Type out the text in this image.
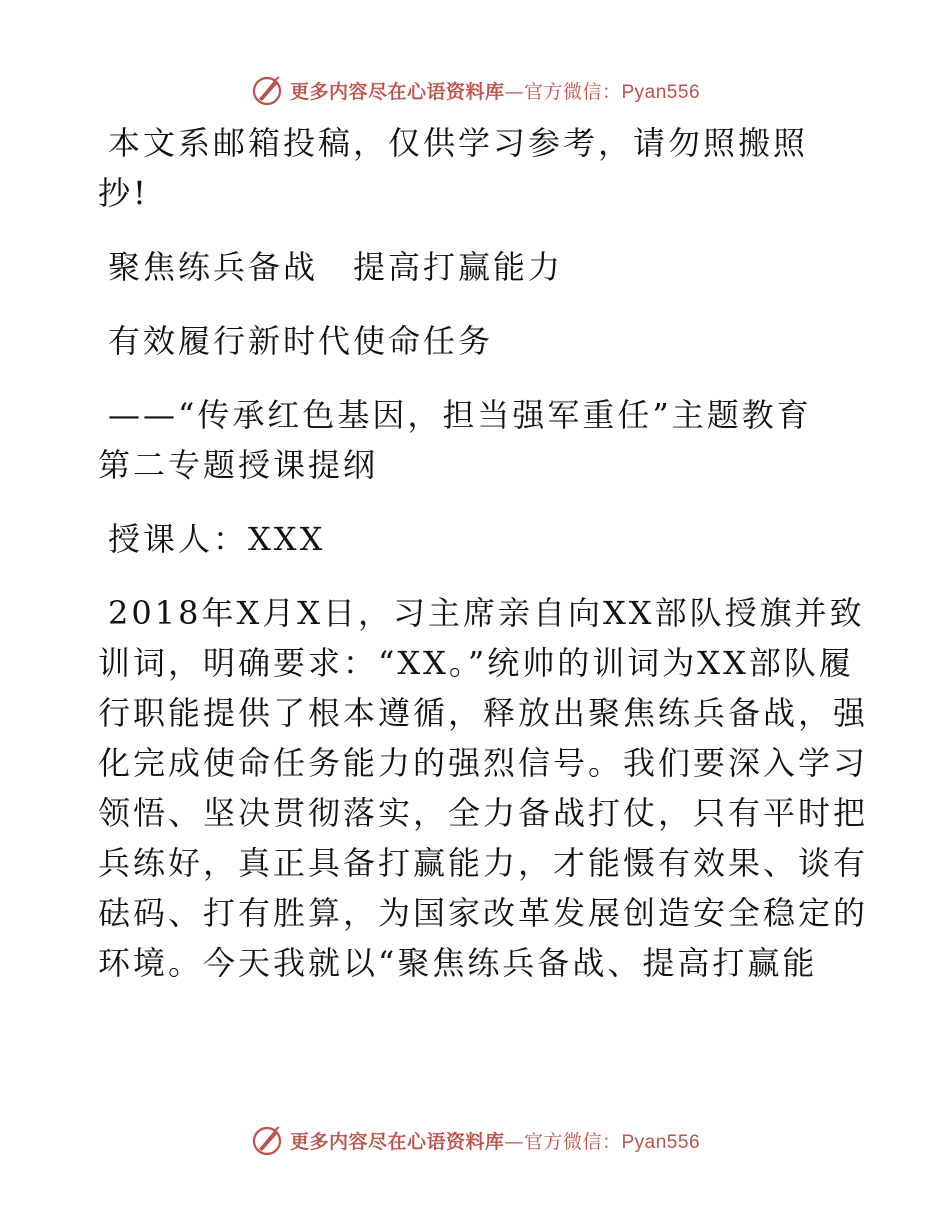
更多内容尽在心语资料库—官方微信：Pyan556
本文系邮箱投稿，仅供学习参考，请勿照搬照
抄!
聚焦练兵备战　提高打赢能力
有效履行新时代使命任务
——“传承红色基因，担当强军重任”主题教育
第二专题授课提纲
授课人：XXX
2018年X月X日，习主席亲自向XX部队授旗并致
训词，明确要求：“XX。”统帅的训词为XX部队履
行职能提供了根本遵循，释放出聚焦练兵备战，强
化完成使命任务能力的强烈信号。我们要深入学习
领悟、坚决贯彻落实，全力备战打仗，只有平时把
兵练好，真正具备打赢能力，才能慑有效果、谈有
砝码、打有胜算，为国家改革发展创造安全稳定的
环境。今天我就以“聚焦练兵备战、提高打赢能
更多内容尽在心语资料库—官方微信：Pyan556
